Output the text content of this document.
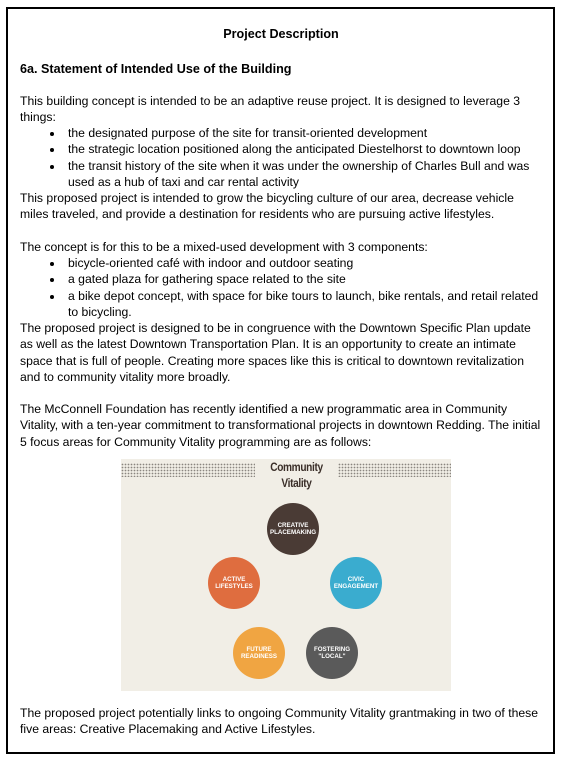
Project Description
6a. Statement of Intended Use of the Building

This building concept is intended to be an adaptive reuse project. It is designed to leverage 3 things:

• the designated purpose of the site for transit-oriented development
• the strategic location positioned along the anticipated Diestelhorst to downtown loop
• the transit history of the site when it was under the ownership of Charles Bull and was used as a hub of taxi and car rental activity

This proposed project is intended to grow the bicycling culture of our area, decrease vehicle miles traveled, and provide a destination for residents who are pursuing active lifestyles.

The concept is for this to be a mixed-used development with 3 components:

• bicycle-oriented café with indoor and outdoor seating
• a gated plaza for gathering space related to the site
• a bike depot concept, with space for bike tours to launch, bike rentals, and retail related to bicycling.

The proposed project is designed to be in congruence with the Downtown Specific Plan update as well as the latest Downtown Transportation Plan. It is an opportunity to create an intimate space that is full of people. Creating more spaces like this is critical to downtown revitalization and to community vitality more broadly.

The McConnell Foundation has recently identified a new programmatic area in Community Vitality, with a ten-year commitment to transformational projects in downtown Redding. The initial 5 focus areas for Community Vitality programming are as follows:

Community Vitality
CREATIVE
PLACEMAKING
CIVIC
ENGAGEMENT
FOSTERING
"LOCAL"
FUTURE
READINESS
ACTIVE
LIFESTYLES

The proposed project potentially links to ongoing Community Vitality grantmaking in two of these five areas: Creative Placemaking and Active Lifestyles.
